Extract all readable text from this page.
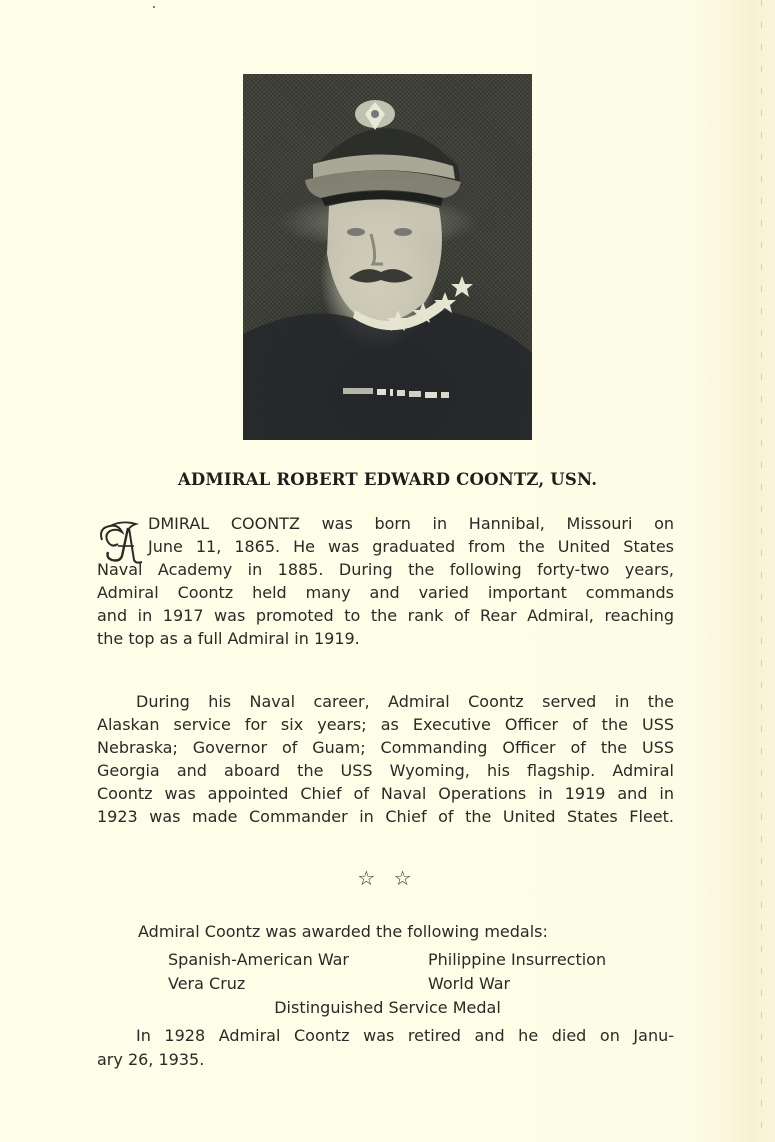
ADMIRAL ROBERT EDWARD COONTZ, USN.
A	DMIRAL COONTZ was born in Hannibal, Missouri on
June 11, 1865. He was graduated from the United States
Naval Academy in 1885. During the following forty-two years,
Admiral Coontz held many and varied important commands
and in 1917 was promoted to the rank of Rear Admiral, reaching
the top as a full Admiral in 1919.
During his Naval career, Admiral Coontz served in the
Alaskan service for six years; as Executive Officer of the USS
Nebraska; Governor of Guam; Commanding Officer of the USS
Georgia and aboard the USS Wyoming, his flagship. Admiral
Coontz was appointed Chief of Naval Operations in 1919 and in
1923 was made Commander in Chief of the United States Fleet.
☆ ☆
Admiral Coontz was awarded the following medals:
Spanish-American War	Philippine Insurrection
Vera Cruz	World War
Distinguished Service Medal
In 1928 Admiral Coontz was retired and he died on Janu-
ary 26, 1935.
